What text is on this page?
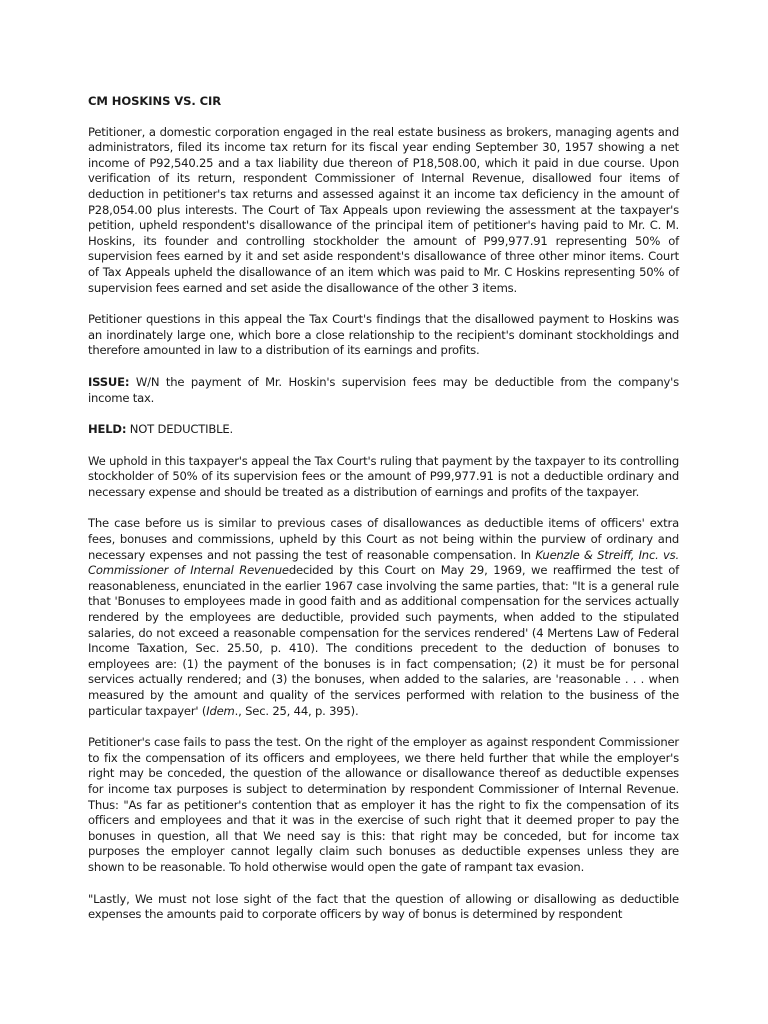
CM HOSKINS VS. CIR

Petitioner, a domestic corporation engaged in the real estate business as brokers, managing agents and administrators, filed its income tax return for its fiscal year ending September 30, 1957 showing a net income of P92,540.25 and a tax liability due thereon of P18,508.00, which it paid in due course. Upon verification of its return, respondent Commissioner of Internal Revenue, disallowed four items of deduction in petitioner's tax returns and assessed against it an income tax deficiency in the amount of P28,054.00 plus interests. The Court of Tax Appeals upon reviewing the assessment at the taxpayer's petition, upheld respondent's disallowance of the principal item of petitioner's having paid to Mr. C. M. Hoskins, its founder and controlling stockholder the amount of P99,977.91 representing 50% of supervision fees earned by it and set aside respondent's disallowance of three other minor items. Court of Tax Appeals upheld the disallowance of an item which was paid to Mr. C Hoskins representing 50% of supervision fees earned and set aside the disallowance of the other 3 items.

Petitioner questions in this appeal the Tax Court's findings that the disallowed payment to Hoskins was an inordinately large one, which bore a close relationship to the recipient's dominant stockholdings and therefore amounted in law to a distribution of its earnings and profits.

ISSUE: W/N the payment of Mr. Hoskin's supervision fees may be deductible from the company's income tax.

HELD: NOT DEDUCTIBLE.

We uphold in this taxpayer's appeal the Tax Court's ruling that payment by the taxpayer to its controlling stockholder of 50% of its supervision fees or the amount of P99,977.91 is not a deductible ordinary and necessary expense and should be treated as a distribution of earnings and profits of the taxpayer.

The case before us is similar to previous cases of disallowances as deductible items of officers' extra fees, bonuses and commissions, upheld by this Court as not being within the purview of ordinary and necessary expenses and not passing the test of reasonable compensation. In Kuenzle & Streiff, Inc. vs. Commissioner of Internal Revenuedecided by this Court on May 29, 1969, we reaffirmed the test of reasonableness, enunciated in the earlier 1967 case involving the same parties, that: "It is a general rule that 'Bonuses to employees made in good faith and as additional compensation for the services actually rendered by the employees are deductible, provided such payments, when added to the stipulated salaries, do not exceed a reasonable compensation for the services rendered' (4 Mertens Law of Federal Income Taxation, Sec. 25.50, p. 410). The conditions precedent to the deduction of bonuses to employees are: (1) the payment of the bonuses is in fact compensation; (2) it must be for personal services actually rendered; and (3) the bonuses, when added to the salaries, are 'reasonable . . . when measured by the amount and quality of the services performed with relation to the business of the particular taxpayer' (Idem., Sec. 25, 44, p. 395).

Petitioner's case fails to pass the test. On the right of the employer as against respondent Commissioner to fix the compensation of its officers and employees, we there held further that while the employer's right may be conceded, the question of the allowance or disallowance thereof as deductible expenses for income tax purposes is subject to determination by respondent Commissioner of Internal Revenue. Thus: "As far as petitioner's contention that as employer it has the right to fix the compensation of its officers and employees and that it was in the exercise of such right that it deemed proper to pay the bonuses in question, all that We need say is this: that right may be conceded, but for income tax purposes the employer cannot legally claim such bonuses as deductible expenses unless they are shown to be reasonable. To hold otherwise would open the gate of rampant tax evasion.

"Lastly, We must not lose sight of the fact that the question of allowing or disallowing as deductible expenses the amounts paid to corporate officers by way of bonus is determined by respondent
